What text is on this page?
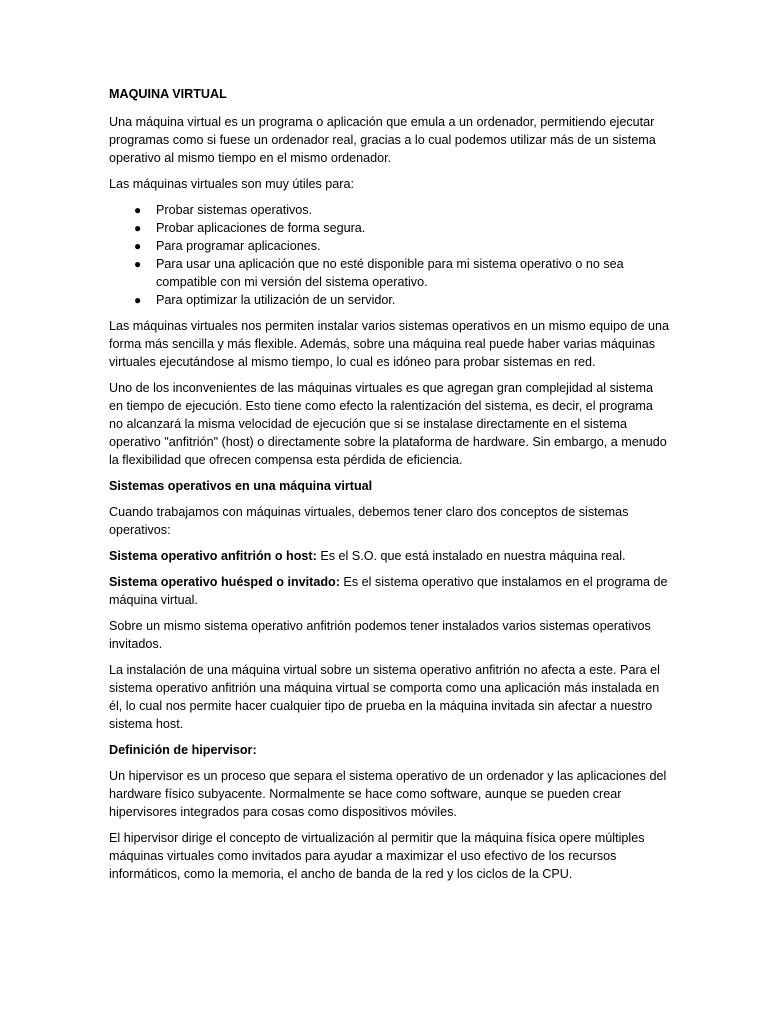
MAQUINA VIRTUAL

Una máquina virtual es un programa o aplicación que emula a un ordenador, permitiendo ejecutar programas como si fuese un ordenador real, gracias a lo cual podemos utilizar más de un sistema operativo al mismo tiempo en el mismo ordenador.

Las máquinas virtuales son muy útiles para:

● Probar sistemas operativos.
● Probar aplicaciones de forma segura.
● Para programar aplicaciones.
● Para usar una aplicación que no esté disponible para mi sistema operativo o no sea compatible con mi versión del sistema operativo.
● Para optimizar la utilización de un servidor.

Las máquinas virtuales nos permiten instalar varios sistemas operativos en un mismo equipo de una forma más sencilla y más flexible. Además, sobre una máquina real puede haber varias máquinas virtuales ejecutándose al mismo tiempo, lo cual es idóneo para probar sistemas en red.

Uno de los inconvenientes de las máquinas virtuales es que agregan gran complejidad al sistema en tiempo de ejecución. Esto tiene como efecto la ralentización del sistema, es decir, el programa no alcanzará la misma velocidad de ejecución que si se instalase directamente en el sistema operativo "anfitrión" (host) o directamente sobre la plataforma de hardware. Sin embargo, a menudo la flexibilidad que ofrecen compensa esta pérdida de eficiencia.

Sistemas operativos en una máquina virtual

Cuando trabajamos con máquinas virtuales, debemos tener claro dos conceptos de sistemas operativos:

Sistema operativo anfitrión o host: Es el S.O. que está instalado en nuestra máquina real.

Sistema operativo huésped o invitado: Es el sistema operativo que instalamos en el programa de máquina virtual.

Sobre un mismo sistema operativo anfitrión podemos tener instalados varios sistemas operativos invitados.

La instalación de una máquina virtual sobre un sistema operativo anfitrión no afecta a este. Para el sistema operativo anfitrión una máquina virtual se comporta como una aplicación más instalada en él, lo cual nos permite hacer cualquier tipo de prueba en la máquina invitada sin afectar a nuestro sistema host.

Definición de hipervisor:

Un hipervisor es un proceso que separa el sistema operativo de un ordenador y las aplicaciones del hardware físico subyacente. Normalmente se hace como software, aunque se pueden crear hipervisores integrados para cosas como dispositivos móviles.

El hipervisor dirige el concepto de virtualización al permitir que la máquina física opere múltiples máquinas virtuales como invitados para ayudar a maximizar el uso efectivo de los recursos informáticos, como la memoria, el ancho de banda de la red y los ciclos de la CPU.
